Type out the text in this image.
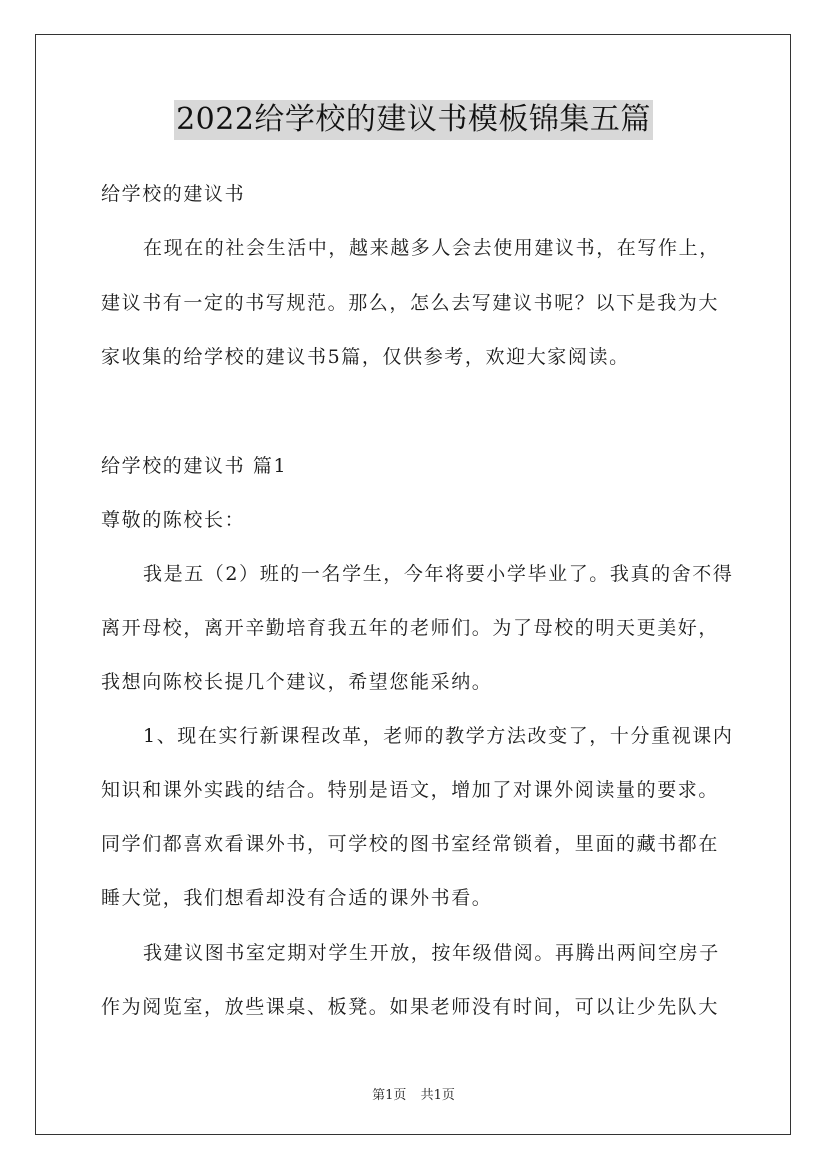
2022给学校的建议书模板锦集五篇
给学校的建议书
在现在的社会生活中，越来越多人会去使用建议书，在写作上，
建议书有一定的书写规范。那么，怎么去写建议书呢？以下是我为大
家收集的给学校的建议书5篇，仅供参考，欢迎大家阅读。
给学校的建议书 篇1
尊敬的陈校长：
我是五（2）班的一名学生，今年将要小学毕业了。我真的舍不得
离开母校，离开辛勤培育我五年的老师们。为了母校的明天更美好，
我想向陈校长提几个建议，希望您能采纳。
1、现在实行新课程改革，老师的教学方法改变了，十分重视课内
知识和课外实践的结合。特别是语文，增加了对课外阅读量的要求。
同学们都喜欢看课外书，可学校的图书室经常锁着，里面的藏书都在
睡大觉，我们想看却没有合适的课外书看。
我建议图书室定期对学生开放，按年级借阅。再腾出两间空房子
作为阅览室，放些课桌、板凳。如果老师没有时间，可以让少先队大
第1页 共1页
